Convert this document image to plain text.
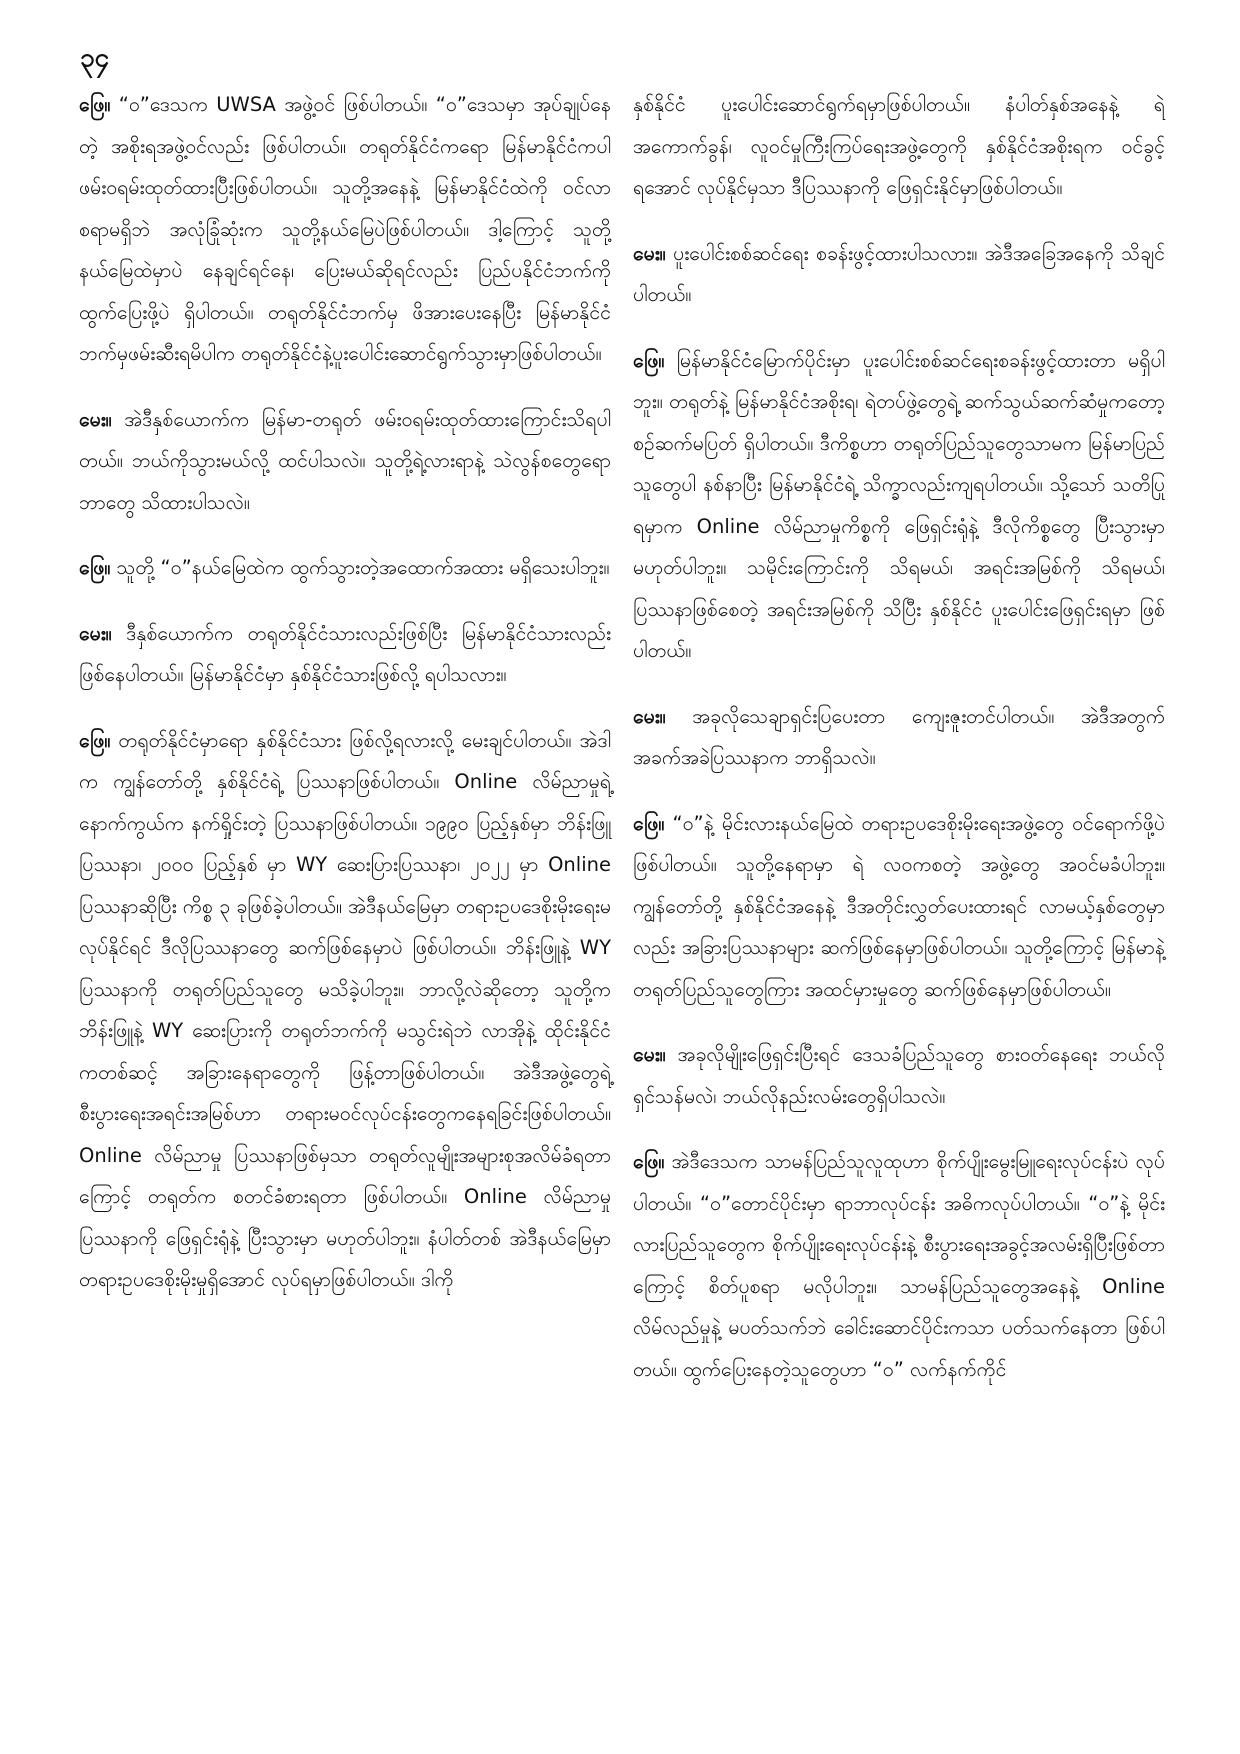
၃၄

ဖြေ။ “ဝ”ဒေသက UWSA အဖွဲ့ဝင် ဖြစ်ပါတယ်။ “ဝ”ဒေသမှာ အုပ်ချုပ်နေတဲ့ အစိုးရအဖွဲ့ဝင်လည်း ဖြစ်ပါတယ်။ တရုတ်နိုင်ငံကရော မြန်မာနိုင်ငံကပါ ဖမ်းဝရမ်းထုတ်ထားပြီးဖြစ်ပါတယ်။ သူတို့အနေနဲ့ မြန်မာနိုင်ငံထဲကို ဝင်လာစရာမရှိဘဲ အလုံခြုံဆုံးက သူတို့နယ်မြေပဲဖြစ်ပါတယ်။ ဒါ့ကြောင့် သူတို့နယ်မြေထဲမှာပဲ နေချင်ရင်နေ၊ ပြေးမယ်ဆိုရင်လည်း ပြည်ပနိုင်ငံဘက်ကို ထွက်ပြေးဖို့ပဲ ရှိပါတယ်။ တရုတ်နိုင်ငံဘက်မှ ဖိအားပေးနေပြီး မြန်မာနိုင်ငံဘက်မှဖမ်းဆီးရမိပါက တရုတ်နိုင်ငံနဲ့ပူးပေါင်းဆောင်ရွက်သွားမှာဖြစ်ပါတယ်။

မေး။ အဲဒီနှစ်ယောက်က မြန်မာ-တရုတ် ဖမ်းဝရမ်းထုတ်ထားကြောင်းသိရပါတယ်။ ဘယ်ကိုသွားမယ်လို့ ထင်ပါသလဲ။ သူတို့ရဲ့လားရာနဲ့ သဲလွန်စတွေရော ဘာတွေ သိထားပါသလဲ။

ဖြေ။ သူတို့ “ဝ”နယ်မြေထဲက ထွက်သွားတဲ့အထောက်အထား မရှိသေးပါဘူး။

မေး။ ဒီနှစ်ယောက်က တရုတ်နိုင်ငံသားလည်းဖြစ်ပြီး မြန်မာနိုင်ငံသားလည်း ဖြစ်နေပါတယ်။ မြန်မာနိုင်ငံမှာ နှစ်နိုင်ငံသားဖြစ်လို့ ရပါသလား။

ဖြေ။ တရုတ်နိုင်ငံမှာရော နှစ်နိုင်ငံသား ဖြစ်လို့ရလားလို့ မေးချင်ပါတယ်။ အဲဒါက ကျွန်တော်တို့ နှစ်နိုင်ငံရဲ့ ပြဿနာဖြစ်ပါတယ်။ Online လိမ်ညာမှုရဲ့ နောက်ကွယ်က နက်ရှိုင်းတဲ့ ပြဿနာဖြစ်ပါတယ်။ ၁၉၉၀ ပြည့်နှစ်မှာ ဘိန်းဖြူပြဿနာ၊ ၂၀၀၀ ပြည့်နှစ် မှာ WY ဆေးပြားပြဿနာ၊ ၂၀၂၂ မှာ Online ပြဿနာဆိုပြီး ကိစ္စ ၃ ခုဖြစ်ခဲ့ပါတယ်။ အဲဒီနယ်မြေမှာ တရားဥပဒေစိုးမိုးရေးမလုပ်နိုင်ရင် ဒီလိုပြဿနာတွေ ဆက်ဖြစ်နေမှာပဲ ဖြစ်ပါတယ်။ ဘိန်းဖြူနဲ့ WY ပြဿနာကို တရုတ်ပြည်သူတွေ မသိခဲ့ပါဘူး။ ဘာလို့လဲဆိုတော့ သူတို့က ဘိန်းဖြူနဲ့ WY ဆေးပြားကို တရုတ်ဘက်ကို မသွင်းရဲဘဲ လာအိုနဲ့ ထိုင်းနိုင်ငံကတစ်ဆင့် အခြားနေရာတွေကို ဖြန့်တာဖြစ်ပါတယ်။ အဲဒီအဖွဲ့တွေရဲ့ စီးပွားရေးအရင်းအမြစ်ဟာ တရားမဝင်လုပ်ငန်းတွေကနေရခြင်းဖြစ်ပါတယ်။ Online လိမ်ညာမှု ပြဿနာဖြစ်မှသာ တရုတ်လူမျိုးအများစုအလိမ်ခံရတာကြောင့် တရုတ်က စတင်ခံစားရတာ ဖြစ်ပါတယ်။ Online လိမ်ညာမှုပြဿနာကို ဖြေရှင်းရုံနဲ့ ပြီးသွားမှာ မဟုတ်ပါဘူး။ နံပါတ်တစ် အဲဒီနယ်မြေမှာ တရားဥပဒေစိုးမိုးမှုရှိအောင် လုပ်ရမှာဖြစ်ပါတယ်။ ဒါကို

နှစ်နိုင်ငံ ပူးပေါင်းဆောင်ရွက်ရမှာဖြစ်ပါတယ်။ နံပါတ်နှစ်အနေနဲ့ ရဲ အကောက်ခွန်၊ လူဝင်မှုကြီးကြပ်ရေးအဖွဲ့တွေကို နှစ်နိုင်ငံအစိုးရက ဝင်ခွင့်ရအောင် လုပ်နိုင်မှသာ ဒီပြဿနာကို ဖြေရှင်းနိုင်မှာဖြစ်ပါတယ်။

မေး။ ပူးပေါင်းစစ်ဆင်ရေး စခန်းဖွင့်ထားပါသလား။ အဲဒီအခြေအနေကို သိချင်ပါတယ်။

ဖြေ။ မြန်မာနိုင်ငံမြောက်ပိုင်းမှာ ပူးပေါင်းစစ်ဆင်ရေးစခန်းဖွင့်ထားတာ မရှိပါဘူး။ တရုတ်နဲ့ မြန်မာနိုင်ငံအစိုးရ၊ ရဲတပ်ဖွဲ့တွေရဲ့ ဆက်သွယ်ဆက်ဆံမှုကတော့ စဉ်ဆက်မပြတ် ရှိပါတယ်။ ဒီကိစ္စဟာ တရုတ်ပြည်သူတွေသာမက မြန်မာပြည်သူတွေပါ နစ်နာပြီး မြန်မာနိုင်ငံရဲ့ သိက္ခာလည်းကျရပါတယ်။ သို့သော် သတိပြုရမှာက Online လိမ်ညာမှုကိစ္စကို ဖြေရှင်းရုံနဲ့ ဒီလိုကိစ္စတွေ ပြီးသွားမှာ မဟုတ်ပါဘူး။ သမိုင်းကြောင်းကို သိရမယ်၊ အရင်းအမြစ်ကို သိရမယ်၊ ပြဿနာဖြစ်စေတဲ့ အရင်းအမြစ်ကို သိပြီး နှစ်နိုင်ငံ ပူးပေါင်းဖြေရှင်းရမှာ ဖြစ်ပါတယ်။

မေး။ အခုလိုသေချာရှင်းပြပေးတာ ကျေးဇူးတင်ပါတယ်။ အဲဒီအတွက် အခက်အခဲပြဿနာက ဘာရှိသလဲ။

ဖြေ။ “ဝ”နဲ့ မိုင်းလားနယ်မြေထဲ တရားဥပဒေစိုးမိုးရေးအဖွဲ့တွေ ဝင်ရောက်ဖို့ပဲ ဖြစ်ပါတယ်။ သူတို့နေရာမှာ ရဲ လဝကစတဲ့ အဖွဲ့တွေ အဝင်မခံပါဘူး။ ကျွန်တော်တို့ နှစ်နိုင်ငံအနေနဲ့ ဒီအတိုင်းလွှတ်ပေးထားရင် လာမယ့်နှစ်တွေမှာလည်း အခြားပြဿနာများ ဆက်ဖြစ်နေမှာဖြစ်ပါတယ်။ သူတို့ကြောင့် မြန်မာနဲ့ တရုတ်ပြည်သူတွေကြား အထင်မှားမှုတွေ ဆက်ဖြစ်နေမှာဖြစ်ပါတယ်။

မေး။ အခုလိုမျိုးဖြေရှင်းပြီးရင် ဒေသခံပြည်သူတွေ စားဝတ်နေရေး ဘယ်လိုရှင်သန်မလဲ၊ ဘယ်လိုနည်းလမ်းတွေရှိပါသလဲ။

ဖြေ။ အဲဒီဒေသက သာမန်ပြည်သူလူထုဟာ စိုက်ပျိုးမွေးမြူရေးလုပ်ငန်းပဲ လုပ်ပါတယ်။ “ဝ”တောင်ပိုင်းမှာ ရာဘာလုပ်ငန်း အဓိကလုပ်ပါတယ်။ “ဝ”နဲ့ မိုင်းလားပြည်သူတွေက စိုက်ပျိုးရေးလုပ်ငန်းနဲ့ စီးပွားရေးအခွင့်အလမ်းရှိပြီးဖြစ်တာကြောင့် စိတ်ပူစရာ မလိုပါဘူး။ သာမန်ပြည်သူတွေအနေနဲ့ Online လိမ်လည်မှုနဲ့ မပတ်သက်ဘဲ ခေါင်းဆောင်ပိုင်းကသာ ပတ်သက်နေတာ ဖြစ်ပါတယ်။ ထွက်ပြေးနေတဲ့သူတွေဟာ “ဝ” လက်နက်ကိုင်
